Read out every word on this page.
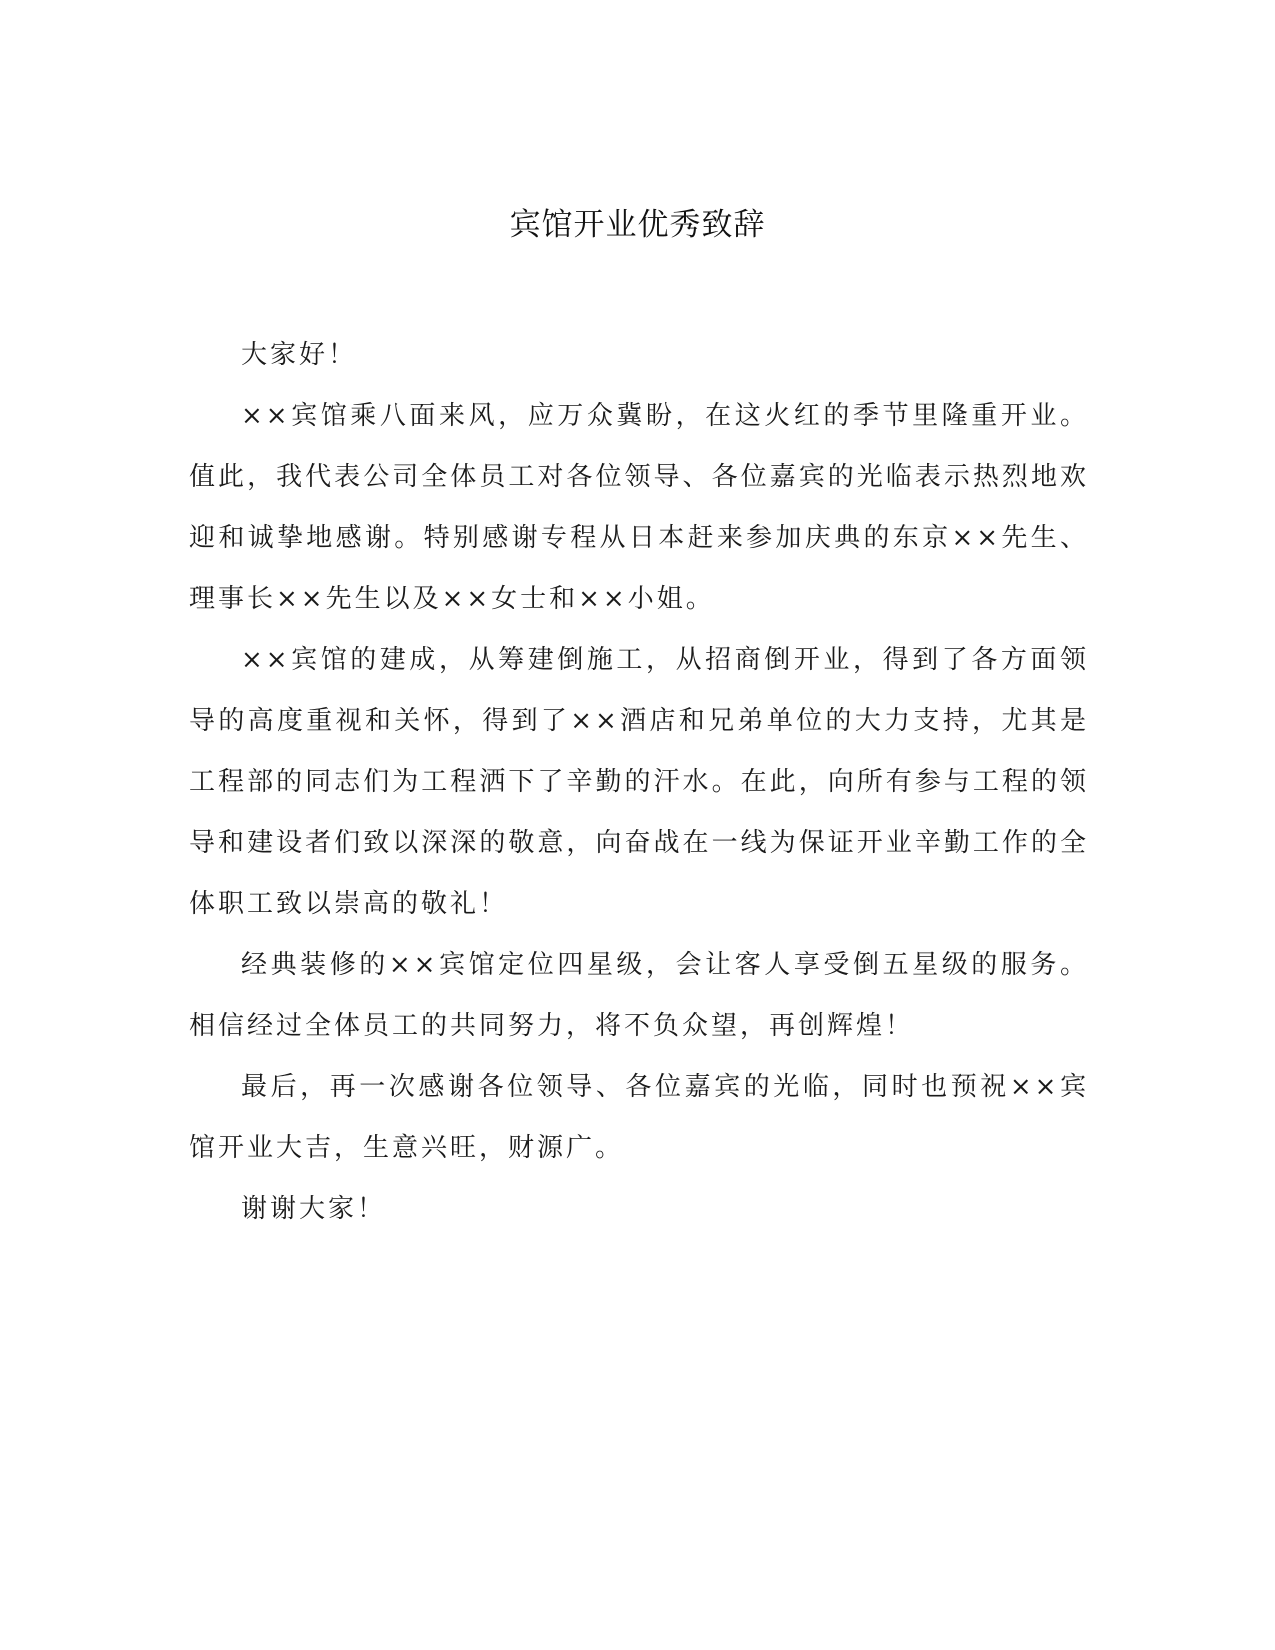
宾馆开业优秀致辞

大家好！

××宾馆乘八面来风，应万众冀盼，在这火红的季节里隆重开业。值此，我代表公司全体员工对各位领导、各位嘉宾的光临表示热烈地欢迎和诚挚地感谢。特别感谢专程从日本赶来参加庆典的东京××先生、理事长××先生以及××女士和××小姐。

××宾馆的建成，从筹建倒施工，从招商倒开业，得到了各方面领导的高度重视和关怀，得到了××酒店和兄弟单位的大力支持，尤其是工程部的同志们为工程洒下了辛勤的汗水。在此，向所有参与工程的领导和建设者们致以深深的敬意，向奋战在一线为保证开业辛勤工作的全体职工致以崇高的敬礼！

经典装修的××宾馆定位四星级，会让客人享受倒五星级的服务。相信经过全体员工的共同努力，将不负众望，再创辉煌！

最后，再一次感谢各位领导、各位嘉宾的光临，同时也预祝××宾馆开业大吉，生意兴旺，财源广。

谢谢大家！
